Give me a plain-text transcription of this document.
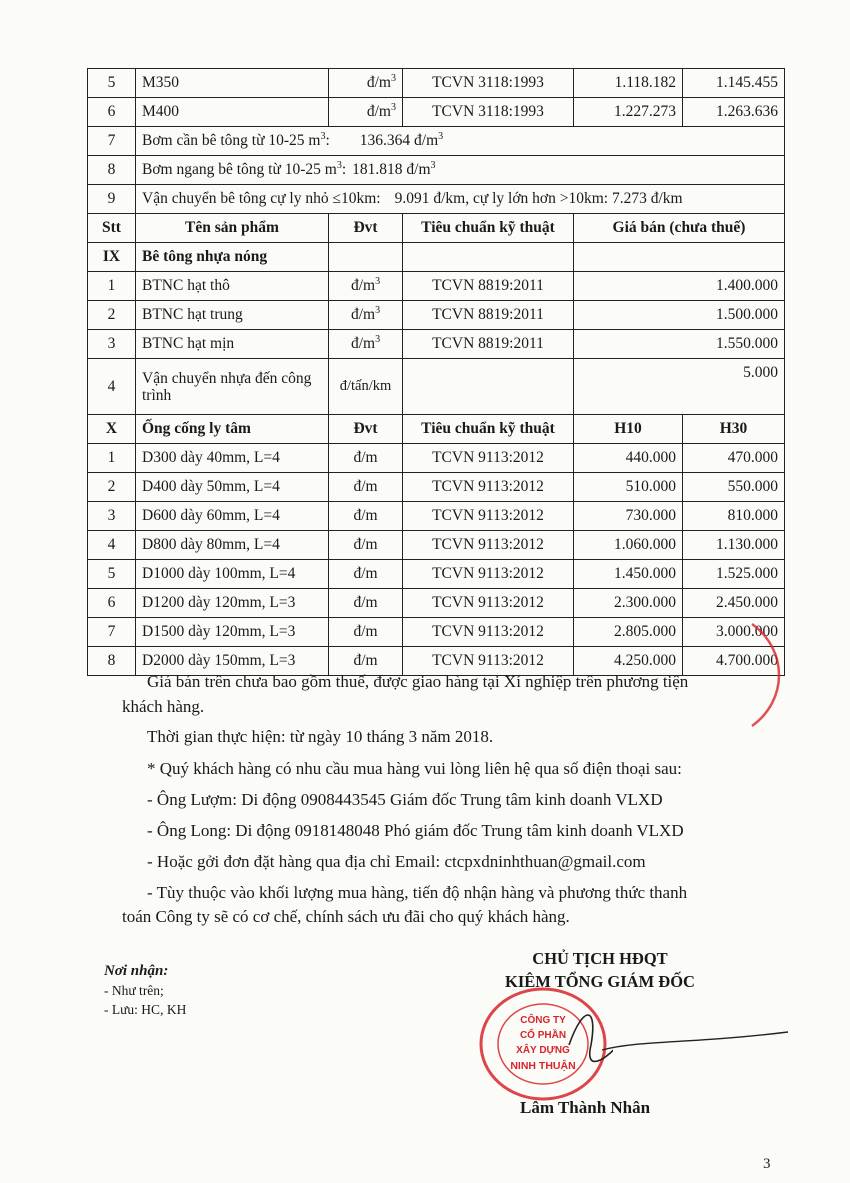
5	M350	$đ/m^3$	TCVN 3118:1993	1.118.182	1.145.455
6	M400	$đ/m^3$	TCVN 3118:1993	1.227.273	1.263.636
7	Bơm cần bê tông từ 10-25 $m^3$: 136.364 $đ/m^3$
8	Bơm ngang bê tông từ 10-25 $m^3$: 181.818 $đ/m^3$
9	Vận chuyển bê tông cự ly nhỏ ≤10km: 9.091 đ/km, cự ly lớn hơn >10km: 7.273 đ/km				
Stt	Tên sản phẩm	Đvt	Tiêu chuẩn kỹ thuật	Giá bán (chưa thuế)	
IX	Bê tông nhựa nóng				
1	BTNC hạt thô	$đ/m^3$	TCVN 8819:2011	1.400.000	
2	BTNC hạt trung	$đ/m^3$	TCVN 8819:2011	1.500.000	
3	BTNC hạt mịn	$đ/m^3$	TCVN 8819:2011	1.550.000	
4	Vận chuyển nhựa đến công trình	đ/tấn/km		5.000	
X	Ống cống ly tâm	Đvt	Tiêu chuẩn kỹ thuật	H10	H30
1	D300 dày 40mm, L=4	đ/m	TCVN 9113:2012	440.000	470.000
2	D400 dày 50mm, L=4	đ/m	TCVN 9113:2012	510.000	550.000
3	D600 dày 60mm, L=4	đ/m	TCVN 9113:2012	730.000	810.000
4	D800 dày 80mm, L=4	đ/m	TCVN 9113:2012	1.060.000	1.130.000
5	D1000 dày 100mm, L=4	đ/m	TCVN 9113:2012	1.450.000	1.525.000
6	D1200 dày 120mm, L=3	đ/m	TCVN 9113:2012	2.300.000	2.450.000
7	D1500 dày 120mm, L=3	đ/m	TCVN 9113:2012	2.805.000	3.000.000
8	D2000 dày 150mm, L=3	đ/m	TCVN 9113:2012	4.250.000	4.700.000
Giá bán trên chưa bao gồm thuế, được giao hàng tại Xí nghiệp trên phương tiện
khách hàng.
Thời gian thực hiện: từ ngày 10 tháng 3 năm 2018.
* Quý khách hàng có nhu cầu mua hàng vui lòng liên hệ qua số điện thoại sau:
- Ông Lượm: Di động 0908443545 Giám đốc Trung tâm kinh doanh VLXD
- Ông Long: Di động 0918148048 Phó giám đốc Trung tâm kinh doanh VLXD
- Hoặc gởi đơn đặt hàng qua địa chỉ Email: ctcpxdninhthuan@gmail.com
- Tùy thuộc vào khối lượng mua hàng, tiến độ nhận hàng và phương thức thanh
toán Công ty sẽ có cơ chế, chính sách ưu đãi cho quý khách hàng.
Nơi nhận:
- Như trên;
- Lưu: HC, KH
CHỦ TỊCH HĐQT
KIÊM TỔNG GIÁM ĐỐC
CÔNG TY
CỔ PHẦN
XÂY DỰNG
NINH THUẬN
Lâm Thành Nhân
3
